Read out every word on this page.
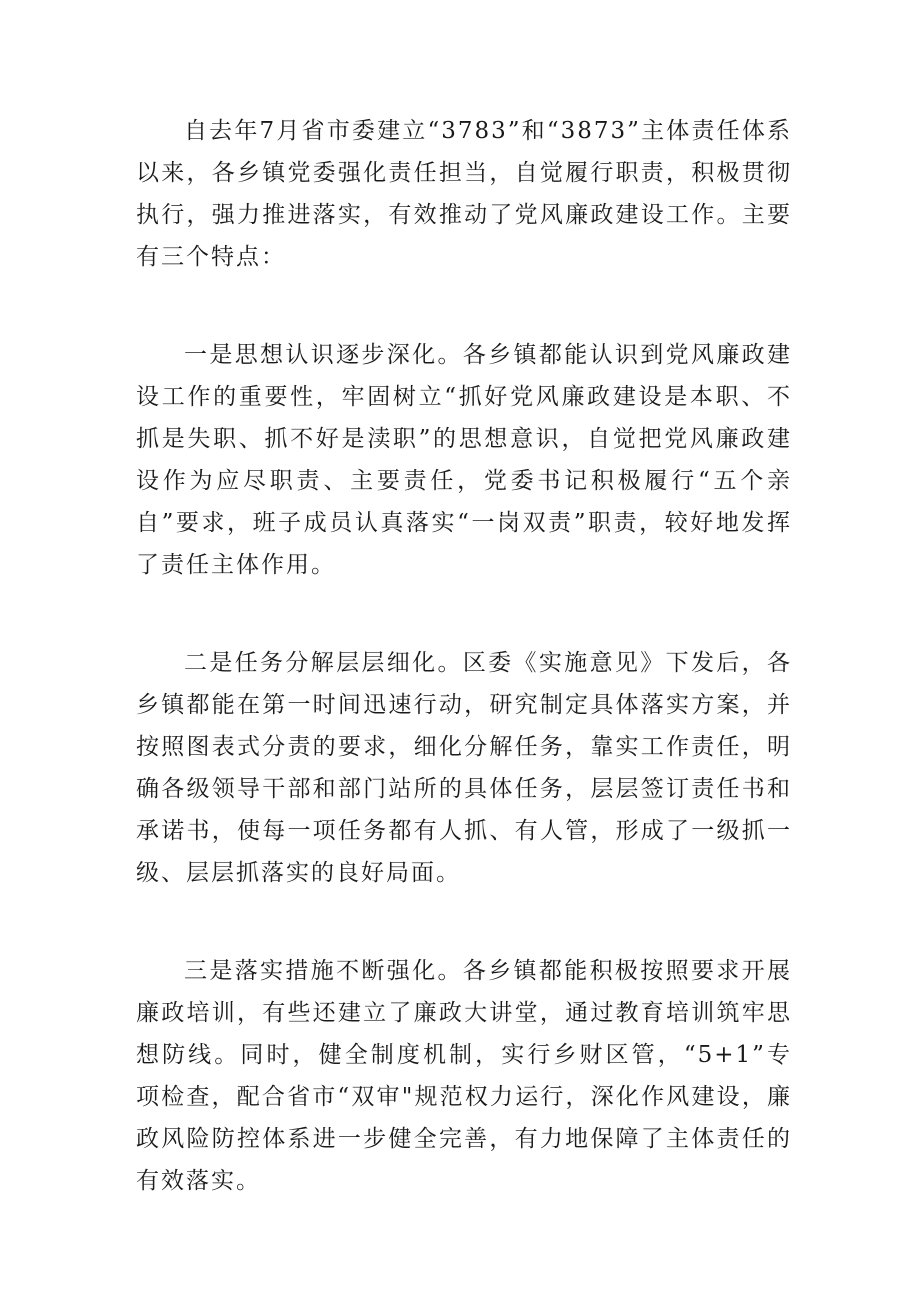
自去年7月省市委建立“3783”和“3873”主体责任体系以来，各乡镇党委强化责任担当，自觉履行职责，积极贯彻执行，强力推进落实，有效推动了党风廉政建设工作。主要有三个特点：

一是思想认识逐步深化。各乡镇都能认识到党风廉政建设工作的重要性，牢固树立“抓好党风廉政建设是本职、不抓是失职、抓不好是渎职”的思想意识，自觉把党风廉政建设作为应尽职责、主要责任，党委书记积极履行“五个亲自”要求，班子成员认真落实“一岗双责”职责，较好地发挥了责任主体作用。

二是任务分解层层细化。区委《实施意见》下发后，各乡镇都能在第一时间迅速行动，研究制定具体落实方案，并按照图表式分责的要求，细化分解任务，靠实工作责任，明确各级领导干部和部门站所的具体任务，层层签订责任书和承诺书，使每一项任务都有人抓、有人管，形成了一级抓一级、层层抓落实的良好局面。

三是落实措施不断强化。各乡镇都能积极按照要求开展廉政培训，有些还建立了廉政大讲堂，通过教育培训筑牢思想防线。同时，健全制度机制，实行乡财区管，“5+1”专项检查，配合省市“双审"规范权力运行，深化作风建设，廉政风险防控体系进一步健全完善，有力地保障了主体责任的有效落实。
